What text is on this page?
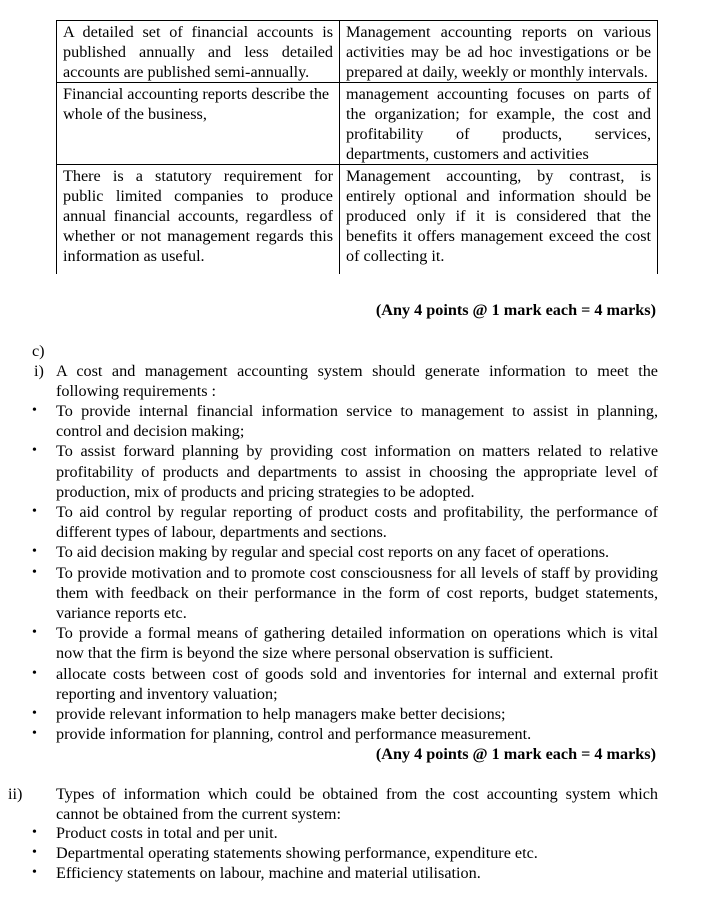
A detailed set of financial accounts is published annually and less detailed accounts are published semi-annually.	Management accounting reports on various activities may be ad hoc investigations or be prepared at daily, weekly or monthly intervals.

Financial accounting reports describe the
whole of the business,	management accounting focuses on parts of the organization; for example, the cost and profitability of products, services, departments, customers and activities
There is a statutory requirement for public limited companies to produce annual financial accounts, regardless of whether or not management regards this information as useful.	Management accounting, by contrast, is entirely optional and information should be produced only if it is considered that the benefits it offers management exceed the cost of collecting it.
(Any 4 points @ 1 mark each = 4 marks)
c)
i) A cost and management accounting system should generate information to meet the following requirements :
• To provide internal financial information service to management to assist in planning, control and decision making;
• To assist forward planning by providing cost information on matters related to relative profitability of products and departments to assist in choosing the appropriate level of production, mix of products and pricing strategies to be adopted.
• To aid control by regular reporting of product costs and profitability, the performance of different types of labour, departments and sections.
• To aid decision making by regular and special cost reports on any facet of operations.
• To provide motivation and to promote cost consciousness for all levels of staff by providing them with feedback on their performance in the form of cost reports, budget statements, variance reports etc.
• To provide a formal means of gathering detailed information on operations which is vital now that the firm is beyond the size where personal observation is sufficient.
• allocate costs between cost of goods sold and inventories for internal and external profit reporting and inventory valuation;
• provide relevant information to help managers make better decisions;
• provide information for planning, control and performance measurement.
(Any 4 points @ 1 mark each = 4 marks)
ii) Types of information which could be obtained from the cost accounting system which cannot be obtained from the current system:
• Product costs in total and per unit.
• Departmental operating statements showing performance, expenditure etc.
• Efficiency statements on labour, machine and material utilisation.
